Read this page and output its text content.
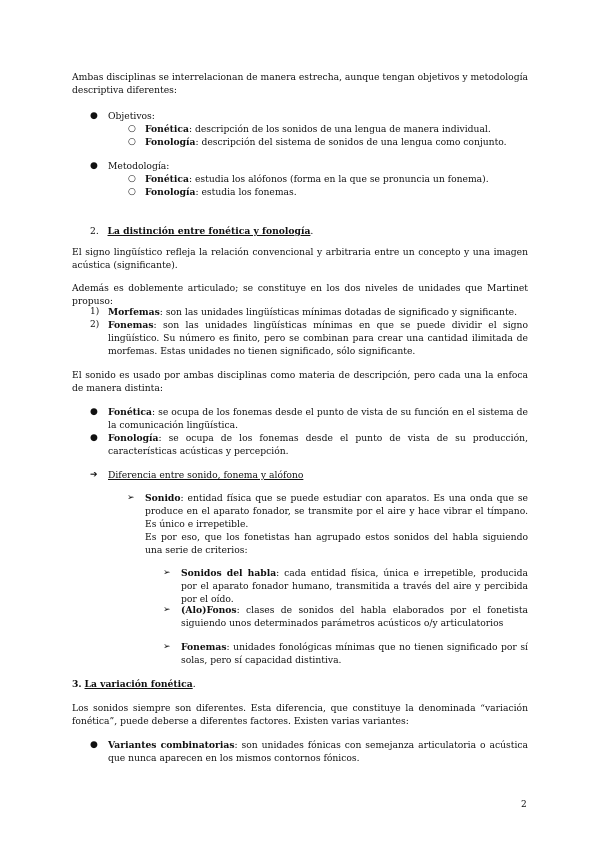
Ambas disciplinas se interrelacionan de manera estrecha, aunque tengan objetivos y metodología descriptiva diferentes:

● Objetivos:

○ Fonética: descripción de los sonidos de una lengua de manera individual.

○ Fonología: descripción del sistema de sonidos de una lengua como conjunto.

● Metodología:

○ Fonética: estudia los alófonos (forma en la que se pronuncia un fonema).

○ Fonología: estudia los fonemas.

2. La distinción entre fonética y fonología.

El signo lingüístico refleja la relación convencional y arbitraria entre un concepto y una imagen acústica (significante).

Además es doblemente articulado; se constituye en los dos niveles de unidades que Martinet propuso:

1) Morfemas: son las unidades lingüísticas mínimas dotadas de significado y significante.

2) Fonemas: son las unidades lingüísticas mínimas en que se puede dividir el signo lingüístico. Su número es finito, pero se combinan para crear una cantidad ilimitada de morfemas. Estas unidades no tienen significado, sólo significante.

El sonido es usado por ambas disciplinas como materia de descripción, pero cada una la enfoca de manera distinta:

● Fonética: se ocupa de los fonemas desde el punto de vista de su función en el sistema de la comunicación lingüística.

● Fonología: se ocupa de los fonemas desde el punto de vista de su producción, características acústicas y percepción.

➔ Diferencia entre sonido, fonema y alófono

➢ Sonido: entidad física que se puede estudiar con aparatos. Es una onda que se produce en el aparato fonador, se transmite por el aire y hace vibrar el tímpano. Es único e irrepetible.

Es por eso, que los fonetistas han agrupado estos sonidos del habla siguiendo una serie de criterios:

➢ Sonidos del habla: cada entidad física, única e irrepetible, producida por el aparato fonador humano, transmitida a través del aire y percibida por el oído.

➢ (Alo)Fonos: clases de sonidos del habla elaborados por el fonetista siguiendo unos determinados parámetros acústicos o/y articulatorios

➢ Fonemas: unidades fonológicas mínimas que no tienen significado por sí solas, pero sí capacidad distintiva.

3. La variación fonética.

Los sonidos siempre son diferentes. Esta diferencia, que constituye la denominada “variación fonética”, puede deberse a diferentes factores. Existen varias variantes:

● Variantes combinatorias: son unidades fónicas con semejanza articulatoria o acústica que nunca aparecen en los mismos contornos fónicos.

2
